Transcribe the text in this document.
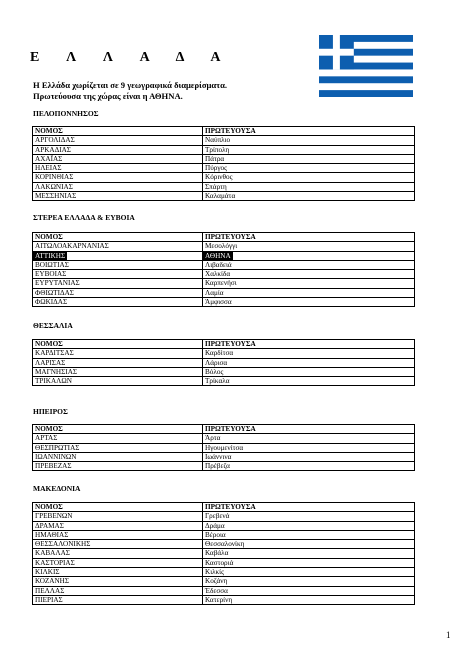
Ε Λ Λ Α Δ Α
Η Ελλάδα χωρίζεται σε 9 γεωγραφικά διαμερίσματα.
Πρωτεύουσα της χώρας είναι η ΑΘΗΝΑ.
ΠΕΛΟΠΟΝΝΗΣΟΣ
ΝΟΜΟΣ	ΠΡΩΤΕΥΟΥΣΑ
ΑΡΓΟΛΙΔΑΣ	Ναύπλιο
ΑΡΚΑΔΙΑΣ	Τρίπολη
ΑΧΑΪΑΣ	Πάτρα
ΗΛΕΙΑΣ	Πύργος
ΚΟΡΙΝΘΙΑΣ	Κόρινθος
ΛΑΚΩΝΙΑΣ	Σπάρτη
ΜΕΣΣΗΝΙΑΣ	Καλαμάτα
ΣΤΕΡΕΑ ΕΛΛΑΔΑ & ΕΥΒΟΙΑ
ΝΟΜΟΣ	ΠΡΩΤΕΥΟΥΣΑ
ΑΙΤΩΛΟΑΚΑΡΝΑΝΙΑΣ	Μεσολόγγι
ΑΤΤΙΚΗΣ	ΑΘΗΝΑ
ΒΟΙΩΤΙΑΣ	Λιβαδειά
ΕΥΒΟΙΑΣ	Χαλκίδα
ΕΥΡΥΤΑΝΙΑΣ	Καρπενήσι
ΦΘΙΩΤΙΔΑΣ	Λαμία
ΦΩΚΙΔΑΣ	Άμφισσα
ΘΕΣΣΑΛΙΑ
ΝΟΜΟΣ	ΠΡΩΤΕΥΟΥΣΑ
ΚΑΡΔΙΤΣΑΣ	Καρδίτσα
ΛΑΡΙΣΑΣ	Λάρισα
ΜΑΓΝΗΣΙΑΣ	Βόλος
ΤΡΙΚΑΛΩΝ	Τρίκαλα
ΗΠΕΙΡΟΣ
ΝΟΜΟΣ	ΠΡΩΤΕΥΟΥΣΑ
ΑΡΤΑΣ	Άρτα
ΘΕΣΠΡΩΤΙΑΣ	Ηγουμενίτσα
ΙΩΑΝΝΙΝΩΝ	Ιωάννινα
ΠΡΕΒΕΖΑΣ	Πρέβεζα
ΜΑΚΕΔΟΝΙΑ
ΝΟΜΟΣ	ΠΡΩΤΕΥΟΥΣΑ
ΓΡΕΒΕΝΩΝ	Γρεβενά
ΔΡΑΜΑΣ	Δράμα
ΗΜΑΘΙΑΣ	Βέροια
ΘΕΣΣΑΛΟΝΙΚΗΣ	Θεσσαλονίκη
ΚΑΒΑΛΑΣ	Καβάλα
ΚΑΣΤΟΡΙΑΣ	Καστοριά
ΚΙΛΚΙΣ	Κιλκίς
ΚΟΖΑΝΗΣ	Κοζάνη
ΠΕΛΛΑΣ	Έδεσσα
ΠΙΕΡΙΑΣ	Κατερίνη
1
